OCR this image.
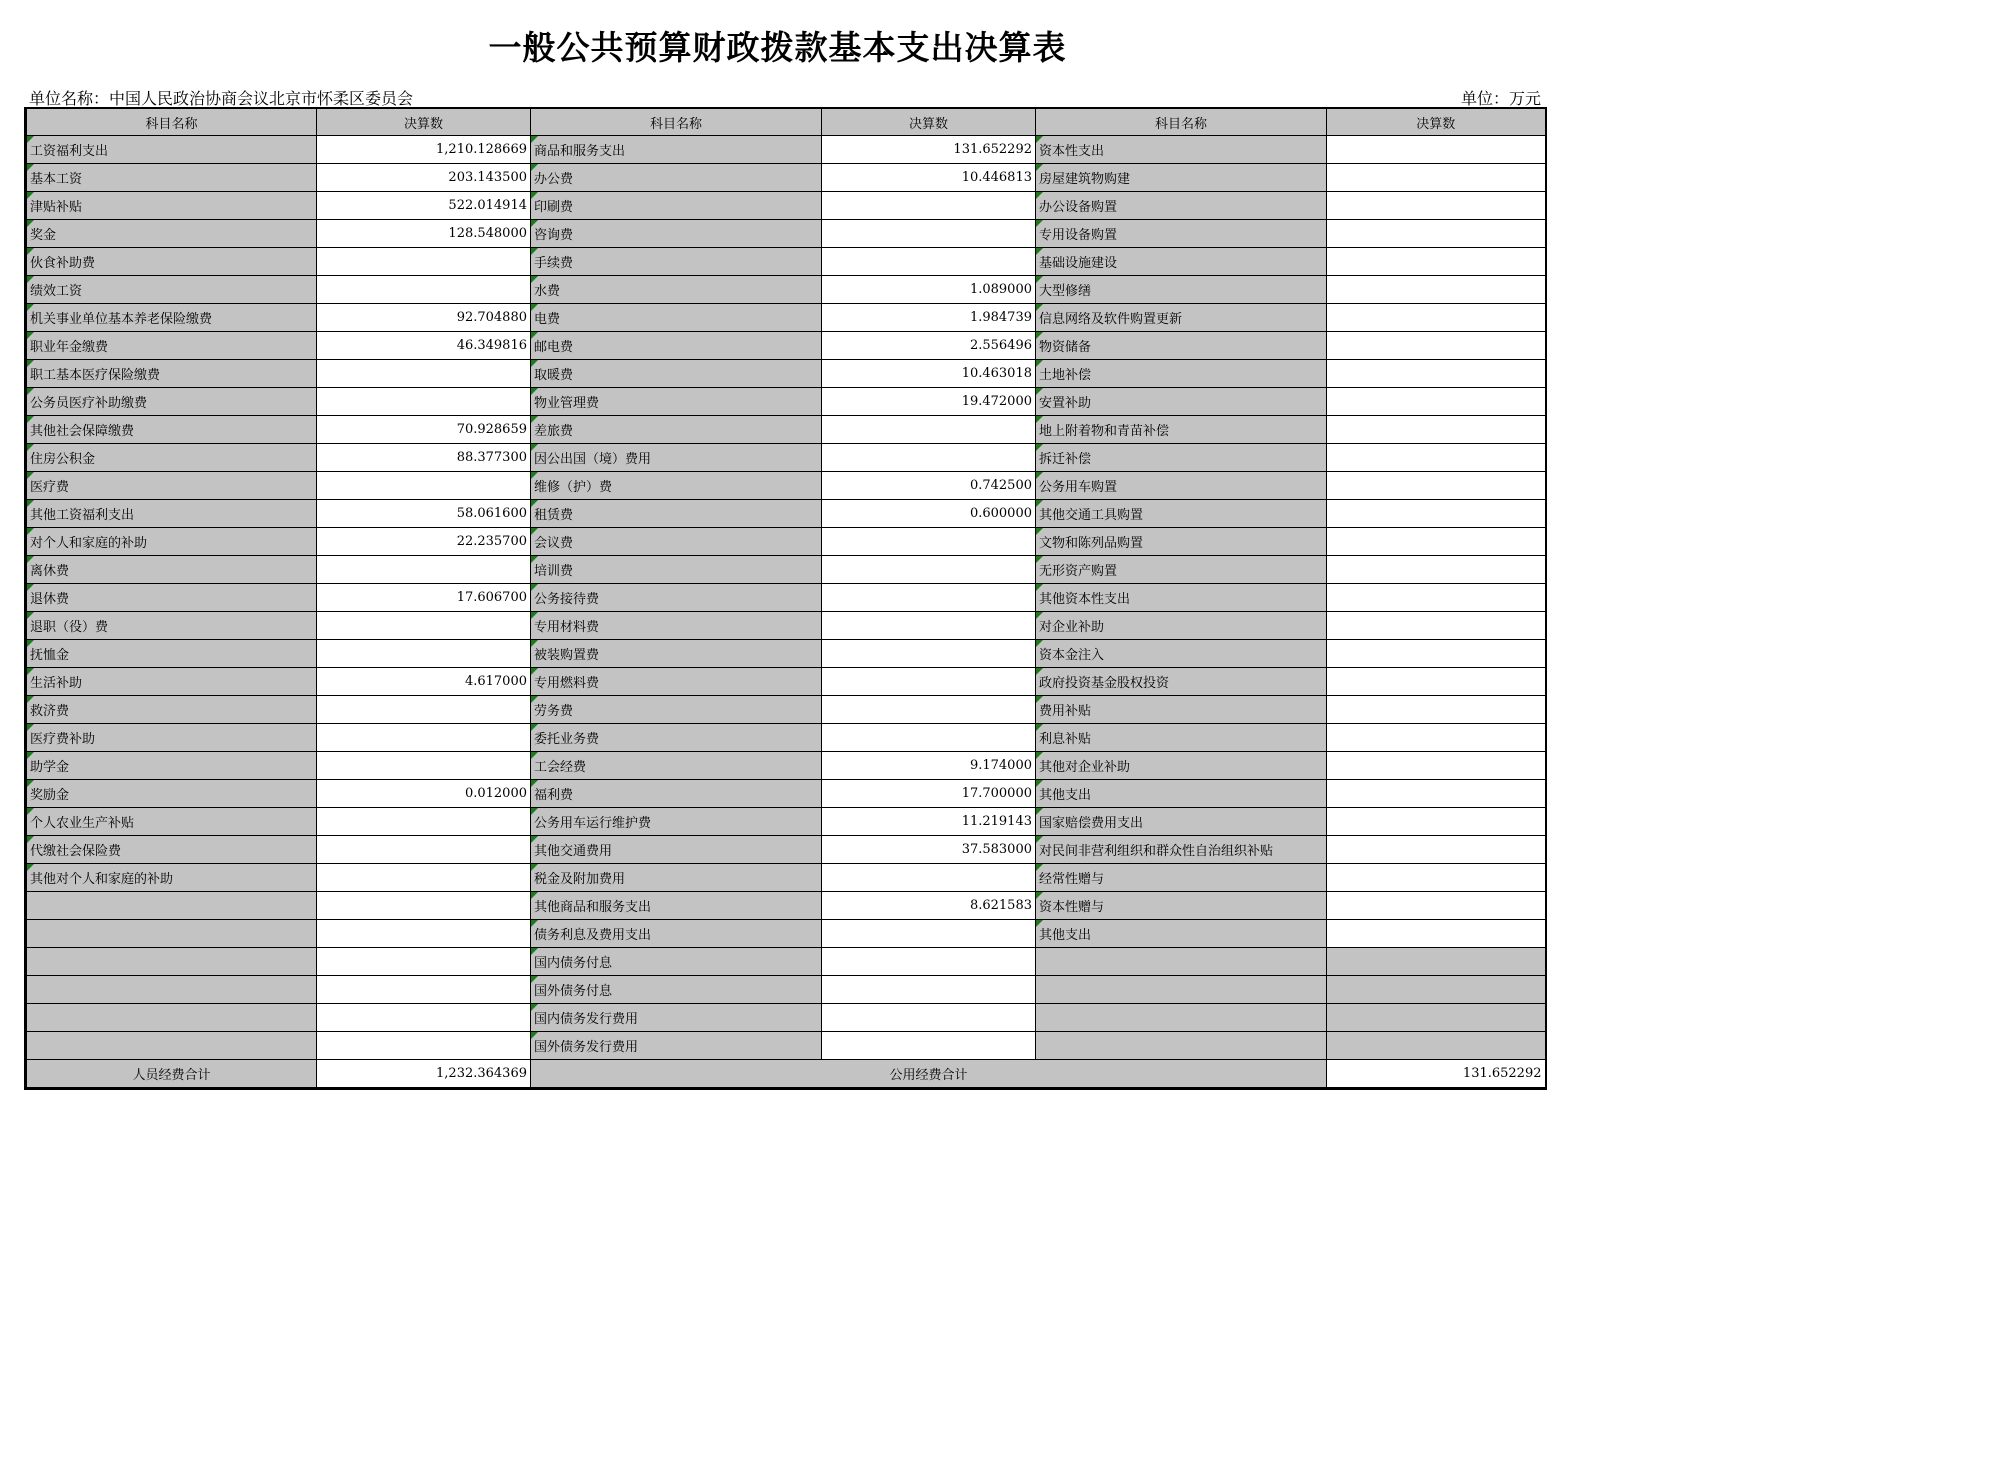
一般公共预算财政拨款基本支出决算表
单位名称：中国人民政治协商会议北京市怀柔区委员会	单位：万元
科目名称	决算数	科目名称	决算数	科目名称	决算数
工资福利支出	1,210.128669	商品和服务支出	131.652292	资本性支出	
基本工资	203.143500	办公费	10.446813	房屋建筑物购建	
津贴补贴	522.014914	印刷费		办公设备购置	
奖金	128.548000	咨询费		专用设备购置	
伙食补助费		手续费		基础设施建设	
绩效工资		水费	1.089000	大型修缮	
机关事业单位基本养老保险缴费	92.704880	电费	1.984739	信息网络及软件购置更新	
职业年金缴费	46.349816	邮电费	2.556496	物资储备	
职工基本医疗保险缴费		取暖费	10.463018	土地补偿	
公务员医疗补助缴费		物业管理费	19.472000	安置补助	
其他社会保障缴费	70.928659	差旅费		地上附着物和青苗补偿	
住房公积金	88.377300	因公出国（境）费用		拆迁补偿	
医疗费		维修（护）费	0.742500	公务用车购置	
其他工资福利支出	58.061600	租赁费	0.600000	其他交通工具购置	
对个人和家庭的补助	22.235700	会议费		文物和陈列品购置	
离休费		培训费		无形资产购置	
退休费	17.606700	公务接待费		其他资本性支出	
退职（役）费		专用材料费		对企业补助	
抚恤金		被装购置费		资本金注入	
生活补助	4.617000	专用燃料费		政府投资基金股权投资	
救济费		劳务费		费用补贴	
医疗费补助		委托业务费		利息补贴	
助学金		工会经费	9.174000	其他对企业补助	
奖励金	0.012000	福利费	17.700000	其他支出	
个人农业生产补贴		公务用车运行维护费	11.219143	国家赔偿费用支出	
代缴社会保险费		其他交通费用	37.583000	对民间非营利组织和群众性自治组织补贴	
其他对个人和家庭的补助		税金及附加费用		经常性赠与	
		其他商品和服务支出	8.621583	资本性赠与	
		债务利息及费用支出		其他支出	
		国内债务付息			
		国外债务付息			
		国内债务发行费用			
		国外债务发行费用			
人员经费合计	1,232.364369	公用经费合计			131.652292
